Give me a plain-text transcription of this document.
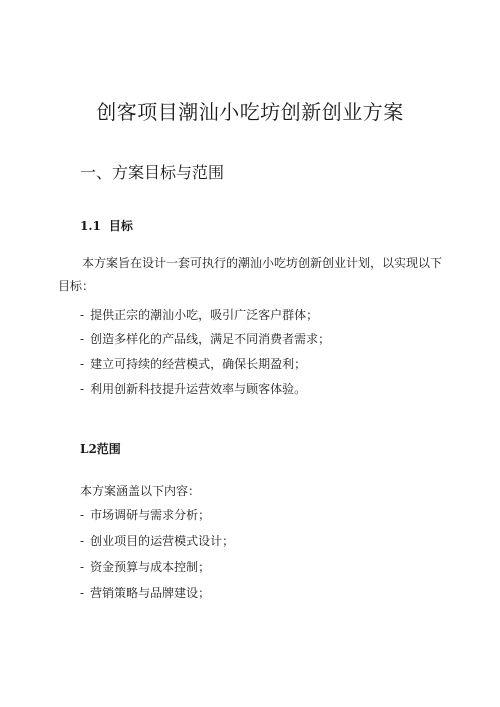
创客项目潮汕小吃坊创新创业方案
一、方案目标与范围
1.1 目标
本方案旨在设计一套可执行的潮汕小吃坊创新创业计划，以实现以下目标：
- 提供正宗的潮汕小吃，吸引广泛客户群体；
- 创造多样化的产品线，满足不同消费者需求；
- 建立可持续的经营模式，确保长期盈利；
- 利用创新科技提升运营效率与顾客体验。
L2范围
本方案涵盖以下内容：
- 市场调研与需求分析；
- 创业项目的运营模式设计；
- 资金预算与成本控制；
- 营销策略与品牌建设；
